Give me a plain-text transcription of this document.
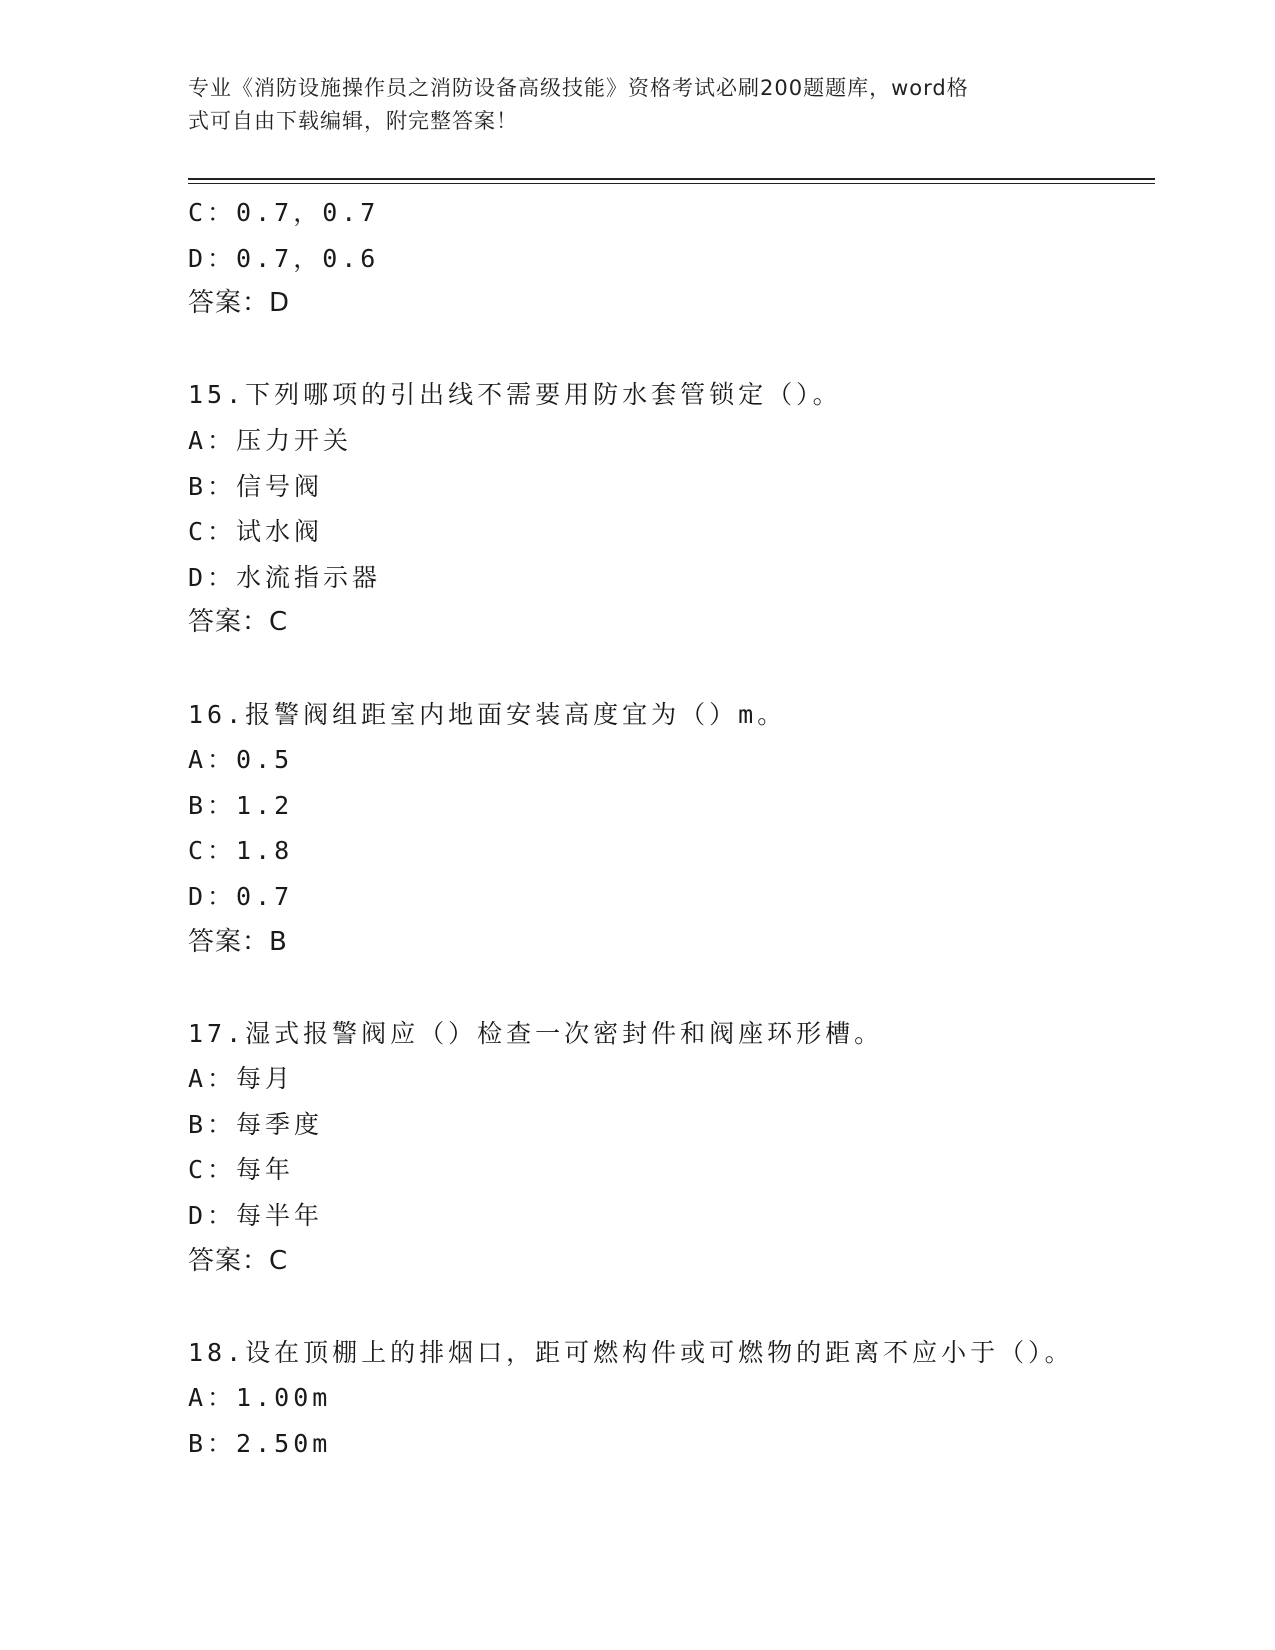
专业《消防设施操作员之消防设备高级技能》资格考试必刷200题题库，word格
式可自由下载编辑，附完整答案！
C：0.7，0.7
D：0.7，0.6
答案：D
15.下列哪项的引出线不需要用防水套管锁定（）。
A：压力开关
B：信号阀
C：试水阀
D：水流指示器
答案：C
16.报警阀组距室内地面安装高度宜为（）m。
A：0.5
B：1.2
C：1.8
D：0.7
答案：B
17.湿式报警阀应（）检查一次密封件和阀座环形槽。
A：每月
B：每季度
C：每年
D：每半年
答案：C
18.设在顶棚上的排烟口，距可燃构件或可燃物的距离不应小于（）。
A：1.00m
B：2.50m
